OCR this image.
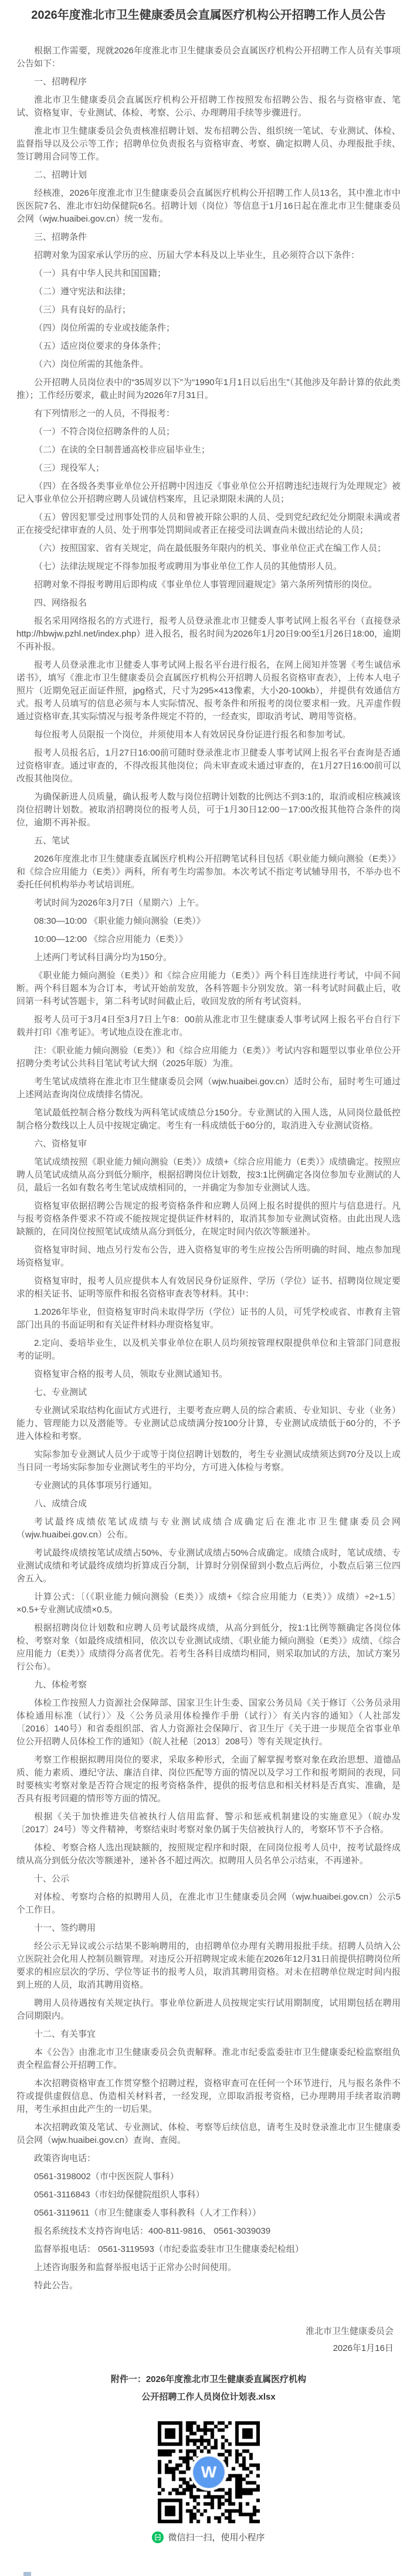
2026年度淮北市卫生健康委员会直属医疗机构公开招聘工作人员公告

根据工作需要，现就2026年度淮北市卫生健康委员会直属医疗机构公开招聘工作人员有关事项公告如下：

一、招聘程序

淮北市卫生健康委员会直属医疗机构公开招聘工作按照发布招聘公告、报名与资格审查、笔试、资格复审、专业测试、体检、考察、公示、办理聘用手续等步骤进行。

淮北市卫生健康委员会负责核准招聘计划、发布招聘公告、组织统一笔试、专业测试、体检、监督指导以及公示等工作；招聘单位负责报名与资格审查、考察、确定拟聘人员、办理报批手续、签订聘用合同等工作。

二、招聘计划

经核准，2026年度淮北市卫生健康委员会直属医疗机构公开招聘工作人员13名，其中淮北市中医医院7名、淮北市妇幼保健院6名。招聘计划（岗位）等信息于1月16日起在淮北市卫生健康委员会网（wjw.huaibei.gov.cn）统一发布。

三、招聘条件

招聘对象为国家承认学历的应、历届大学本科及以上毕业生，且必须符合以下条件：

（一）具有中华人民共和国国籍；

（二）遵守宪法和法律；

（三）具有良好的品行；

（四）岗位所需的专业或技能条件；

（五）适应岗位要求的身体条件；

（六）岗位所需的其他条件。

公开招聘人员岗位表中的“35周岁以下”为“1990年1月1日以后出生”（其他涉及年龄计算的依此类推）；工作经历要求，截止时间为2026年7月31日。

有下列情形之一的人员，不得报考：

（一）不符合岗位招聘条件的人员；

（二）在读的全日制普通高校非应届毕业生；

（三）现役军人；

（四）在各级各类事业单位公开招聘中因违反《事业单位公开招聘违纪违规行为处理规定》被记入事业单位公开招聘应聘人员诚信档案库，且记录期限未满的人员；

（五）曾因犯罪受过刑事处罚的人员和曾被开除公职的人员、受到党纪政纪处分期限未满或者正在接受纪律审查的人员、处于刑事处罚期间或者正在接受司法调查尚未做出结论的人员；

（六）按照国家、省有关规定，尚在最低服务年限内的机关、事业单位正式在编工作人员；

（七）法律法规规定不得参加报考或聘用为事业单位工作人员的其他情形人员。

招聘对象不得报考聘用后即构成《事业单位人事管理回避规定》第六条所列情形的岗位。

四、网络报名

报名采用网络报名的方式进行，报考人员登录淮北市卫健委人事考试网上报名平台（直接登录http://hbwjw.pzhl.net/index.php）进入报名，报名时间为2026年1月20日9:00至1月26日18:00，逾期不再补报。

报考人员登录淮北市卫健委人事考试网上报名平台进行报名，在网上阅知并签署《考生诚信承诺书》，填写《淮北市卫生健康委员会直属医疗机构公开招聘人员报名资格审查表》，上传本人电子照片（近期免冠正面证件照，jpg格式，尺寸为295×413像素，大小20-100kb），并提供有效通信方式。报考人员填写的信息必须与本人实际情况、报考条件和所报考的岗位要求相一致。凡弄虚作假通过资格审查,其实际情况与报考条件规定不符的，一经查实，即取消考试、聘用等资格。

每位报考人员限报一个岗位，并须使用本人有效居民身份证进行报名和参加考试。

报考人员报名后，1月27日16:00前可随时登录淮北市卫健委人事考试网上报名平台查询是否通过资格审查。通过审查的，不得改报其他岗位；尚未审查或未通过审查的，在1月27日16:00前可以改报其他岗位。

为确保新进人员质量，确认报考人数与岗位招聘计划数的比例达不到3:1的，取消或相应核减该岗位招聘计划数。被取消招聘岗位的报考人员，可于1月30日12:00－17:00改报其他符合条件的岗位，逾期不再补报。

五、笔试

2026年度淮北市卫生健康委直属医疗机构公开招聘笔试科目包括《职业能力倾向测验（E类）》和《综合应用能力（E类）》两科，所有考生均需参加。本次考试不指定考试辅导用书，不举办也不委托任何机构举办考试培训班。

考试时间为2026年3月7日（星期六）上午。

08:30—10:00 《职业能力倾向测验（E类）》

10:00—12:00 《综合应用能力（E类）》

上述两门考试科目满分均为150分。

《职业能力倾向测验（E类）》和《综合应用能力（E类）》两个科目连续进行考试，中间不间断。两个科目题本为合订本，考试开始前发放，各科答题卡分别发放。第一科考试时间截止后，收回第一科考试答题卡，第二科考试时间截止后，收回发放的所有考试资料。

报考人员可于3月4日至3月7日上午8：00前从淮北市卫生健康委人事考试网上报名平台自行下载并打印《准考证》。考试地点设在淮北市。

注：《职业能力倾向测验（E类）》和《综合应用能力（E类）》考试内容和题型以事业单位公开招聘分类考试公共科目笔试考试大纲（2025年版）为准。

考生笔试成绩将在淮北市卫生健康委员会网（wjw.huaibei.gov.cn）适时公布，届时考生可通过上述网站查询岗位成绩排名情况。

笔试最低控制合格分数线为两科笔试成绩总分150分。专业测试的入围人选，从同岗位最低控制合格分数线以上人员中按规定确定。考生有一科成绩低于60分的，取消进入专业测试资格。

六、资格复审

笔试成绩按照《职业能力倾向测验（E类）》成绩+《综合应用能力（E类）》成绩确定。按照应聘人员笔试成绩从高分到低分顺序，根据招聘岗位计划数，按3:1比例确定各岗位参加专业测试的人员，最后一名如有数名考生笔试成绩相同的，一并确定为参加专业测试人选。

资格复审依据招聘公告规定的报考资格条件和应聘人员网上报名时提供的照片与信息进行。凡与报考资格条件要求不符或不能按规定提供证件材料的，取消其参加专业测试资格。由此出现人选缺额的，在同岗位按照笔试成绩从高分到低分，在规定时间内依次等额递补。

资格复审时间、地点另行发布公告，进入资格复审的考生应按公告所明确的时间、地点参加现场资格复审。

资格复审时，报考人员应提供本人有效居民身份证原件、学历（学位）证书、招聘岗位规定要求的相关证书、证明等原件和报名资格审查表等材料。其中：

1.2026年毕业，但资格复审时尚未取得学历（学位）证书的人员，可凭学校或省、市教育主管部门出具的书面证明和有关证件材料办理资格复审。

2.定向、委培毕业生，以及机关事业单位在职人员均须按管理权限提供单位和主管部门同意报考的证明。

资格复审合格的报考人员，领取专业测试通知书。

七、专业测试

专业测试采取结构化面试方式进行，主要考查应聘人员的综合素质、专业知识、专业（业务）能力、管理能力以及潜能等。专业测试总成绩满分按100分计算，专业测试成绩低于60分的，不予进入体检和考察。

实际参加专业测试人员少于或等于岗位招聘计划数的，考生专业测试成绩须达到70分及以上或当日同一考场实际参加专业测试考生的平均分，方可进入体检与考察。

专业测试的具体事项另行通知。

八、成绩合成

考试最终成绩依笔试成绩与专业测试成绩合成确定后在淮北市卫生健康委员会网（wjw.huaibei.gov.cn）公布。

考试最终成绩按笔试成绩占50%、专业测试成绩占50%合成确定。成绩合成时，笔试成绩、专业测试成绩和考试最终成绩均折算成百分制，计算时分别保留到小数点后两位，小数点后第三位四舍五入。

计算公式：〔（《职业能力倾向测验（E类）》成绩+《综合应用能力（E类）》成绩）÷2÷1.5〕×0.5+专业测试成绩×0.5。

根据招聘岗位计划数和应聘人员考试最终成绩，从高分到低分，按1:1比例等额确定各岗位体检、考察对象（如最终成绩相同，依次以专业测试成绩、《职业能力倾向测验（E类）》成绩、《综合应用能力（E类）》成绩得分高者优先。若考生各科目成绩均相同，则采取加试的方法，加试方案另行公布）。

九、体检考察

体检工作按照人力资源社会保障部、国家卫生计生委、国家公务员局《关于修订〈公务员录用体检通用标准（试行）〉及〈公务员录用体检操作手册（试行）〉有关内容的通知》（人社部发〔2016〕140号）和省委组织部、省人力资源社会保障厅、省卫生厅《关于进一步规范全省事业单位公开招聘人员体检工作的通知》（皖人社秘〔2013〕208号）等有关规定执行。

考察工作根据拟聘用岗位的要求，采取多种形式，全面了解掌握考察对象在政治思想、道德品质、能力素质、遵纪守法、廉洁自律、岗位匹配等方面的情况以及学习工作和报考期间的表现，同时要核实考察对象是否符合规定的报考资格条件，提供的报考信息和相关材料是否真实、准确，是否具有报考回避的情形等方面的情况。

根据《关于加快推进失信被执行人信用监督、警示和惩戒机制建设的实施意见》（皖办发〔2017〕24号）等文件精神，考察结束时考察对象仍属于失信被执行人的，考察环节不予合格。

体检、考察合格人选出现缺额的，按照规定程序和时限，在同岗位报考人员中，按考试最终成绩从高分到低分依次等额递补，递补各不超过两次。拟聘用人员名单公示结束，不再递补。

十、公示

对体检、考察均合格的拟聘用人员，在淮北市卫生健康委员会网（wjw.huaibei.gov.cn）公示5个工作日。

十一、签约聘用

经公示无异议或公示结果不影响聘用的，由招聘单位办理有关聘用报批手续。招聘人员纳入公立医院社会化用人控制员额管理。对违反公开招聘规定或未能在2026年12月31日前提供招聘岗位所要求的相应层次的学历、学位等证书的报考人员，取消其聘用资格。对未在招聘单位规定时间内报到上班的人员，取消其聘用资格。

聘用人员待遇按有关规定执行。事业单位新进人员按规定实行试用期制度，试用期包括在聘用合同期限内。

十二、有关事宜

本《公告》由淮北市卫生健康委员会负责解释。淮北市纪委监委驻市卫生健康委纪检监察组负责全程监督公开招聘工作。

本次招聘资格审查工作贯穿整个招聘过程，资格审查可在任何一个环节进行，凡与报名条件不符或提供虚假信息、伪造相关材料者，一经发现，立即取消报考资格，已办理聘用手续者取消聘用，考生承担由此产生的一切后果。

本次招聘政策及笔试、专业测试、体检、考察等后续信息，请考生及时登录淮北市卫生健康委员会网（wjw.huaibei.gov.cn）查询、查阅。

政策咨询电话：

0561-3198002（市中医医院人事科）

0561-3116843（市妇幼保健院组织人事科）

0561-3119611（市卫生健康委人事科教科（人才工作科））

报名系统技术支持咨询电话：400-811-9816、 0561-3039039

监督举报电话： 0561-3119593（市纪委监委驻市卫生健康委纪检组）

上述咨询服务和监督举报电话于正常办公时间使用。

特此公告。

淮北市卫生健康委员会
2026年1月16日
附件一：2026年度淮北市卫生健康委直属医疗机构
公开招聘工作人员岗位计划表.xlsx
微信扫一扫，使用小程序
